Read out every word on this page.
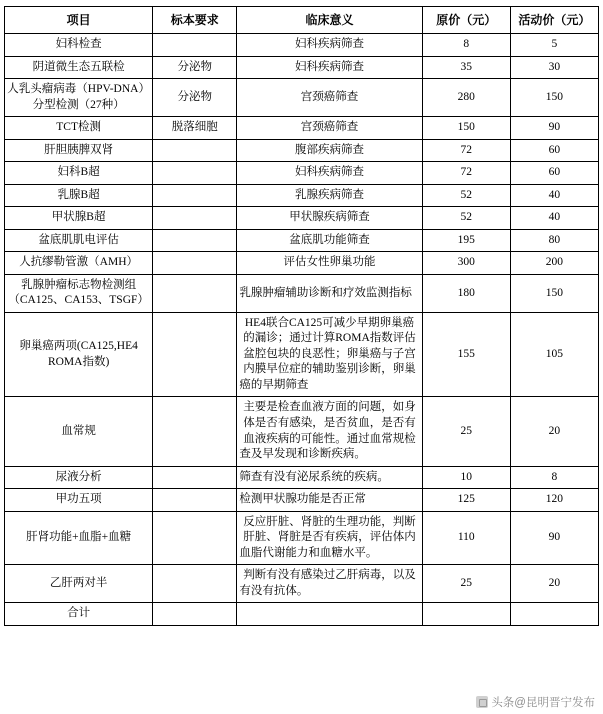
项目	标本要求	临床意义	原价（元）	活动价（元）
妇科检查		妇科疾病筛查	8	5
阴道微生态五联检	分泌物	妇科疾病筛查	35	30
人乳头瘤病毒（HPV-DNA）分型检测（27种）	分泌物	宫颈癌筛查	280	150
TCT检测	脱落细胞	宫颈癌筛查	150	90
肝胆胰脾双肾		腹部疾病筛查	72	60
妇科B超		妇科疾病筛查	72	60
乳腺B超		乳腺疾病筛查	52	40
甲状腺B超		甲状腺疾病筛查	52	40
盆底肌肌电评估		盆底肌功能筛查	195	80
人抗缪勒管激（AMH）		评估女性卵巢功能	300	200
乳腺肿瘤标志物检测组（CA125、CA153、TSGF）		乳腺肿瘤辅助诊断和疗效监测指标	180	150
卵巢癌两项(CA125,HE4 ROMA指数)		HE4联合CA125可减少早期卵巢癌的漏诊；通过计算ROMA指数评估盆腔包块的良恶性；卵巢癌与子宫内膜早位症的辅助鉴别诊断，卵巢癌的早期筛查	155	105
血常规		主要是检查血液方面的问题，如身体是否有感染，是否贫血，是否有血液疾病的可能性。通过血常规检查及早发现和诊断疾病。	25	20
尿液分析		筛查有没有泌尿系统的疾病。	10	8
甲功五项		检测甲状腺功能是否正常	125	120
肝肾功能+血脂+血糖		反应肝脏、肾脏的生理功能，判断肝脏、肾脏是否有疾病，评估体内血脂代谢能力和血糖水平。	110	90
乙肝两对半		判断有没有感染过乙肝病毒，以及有没有抗体。	25	20
合计				
头条@昆明晋宁发布
